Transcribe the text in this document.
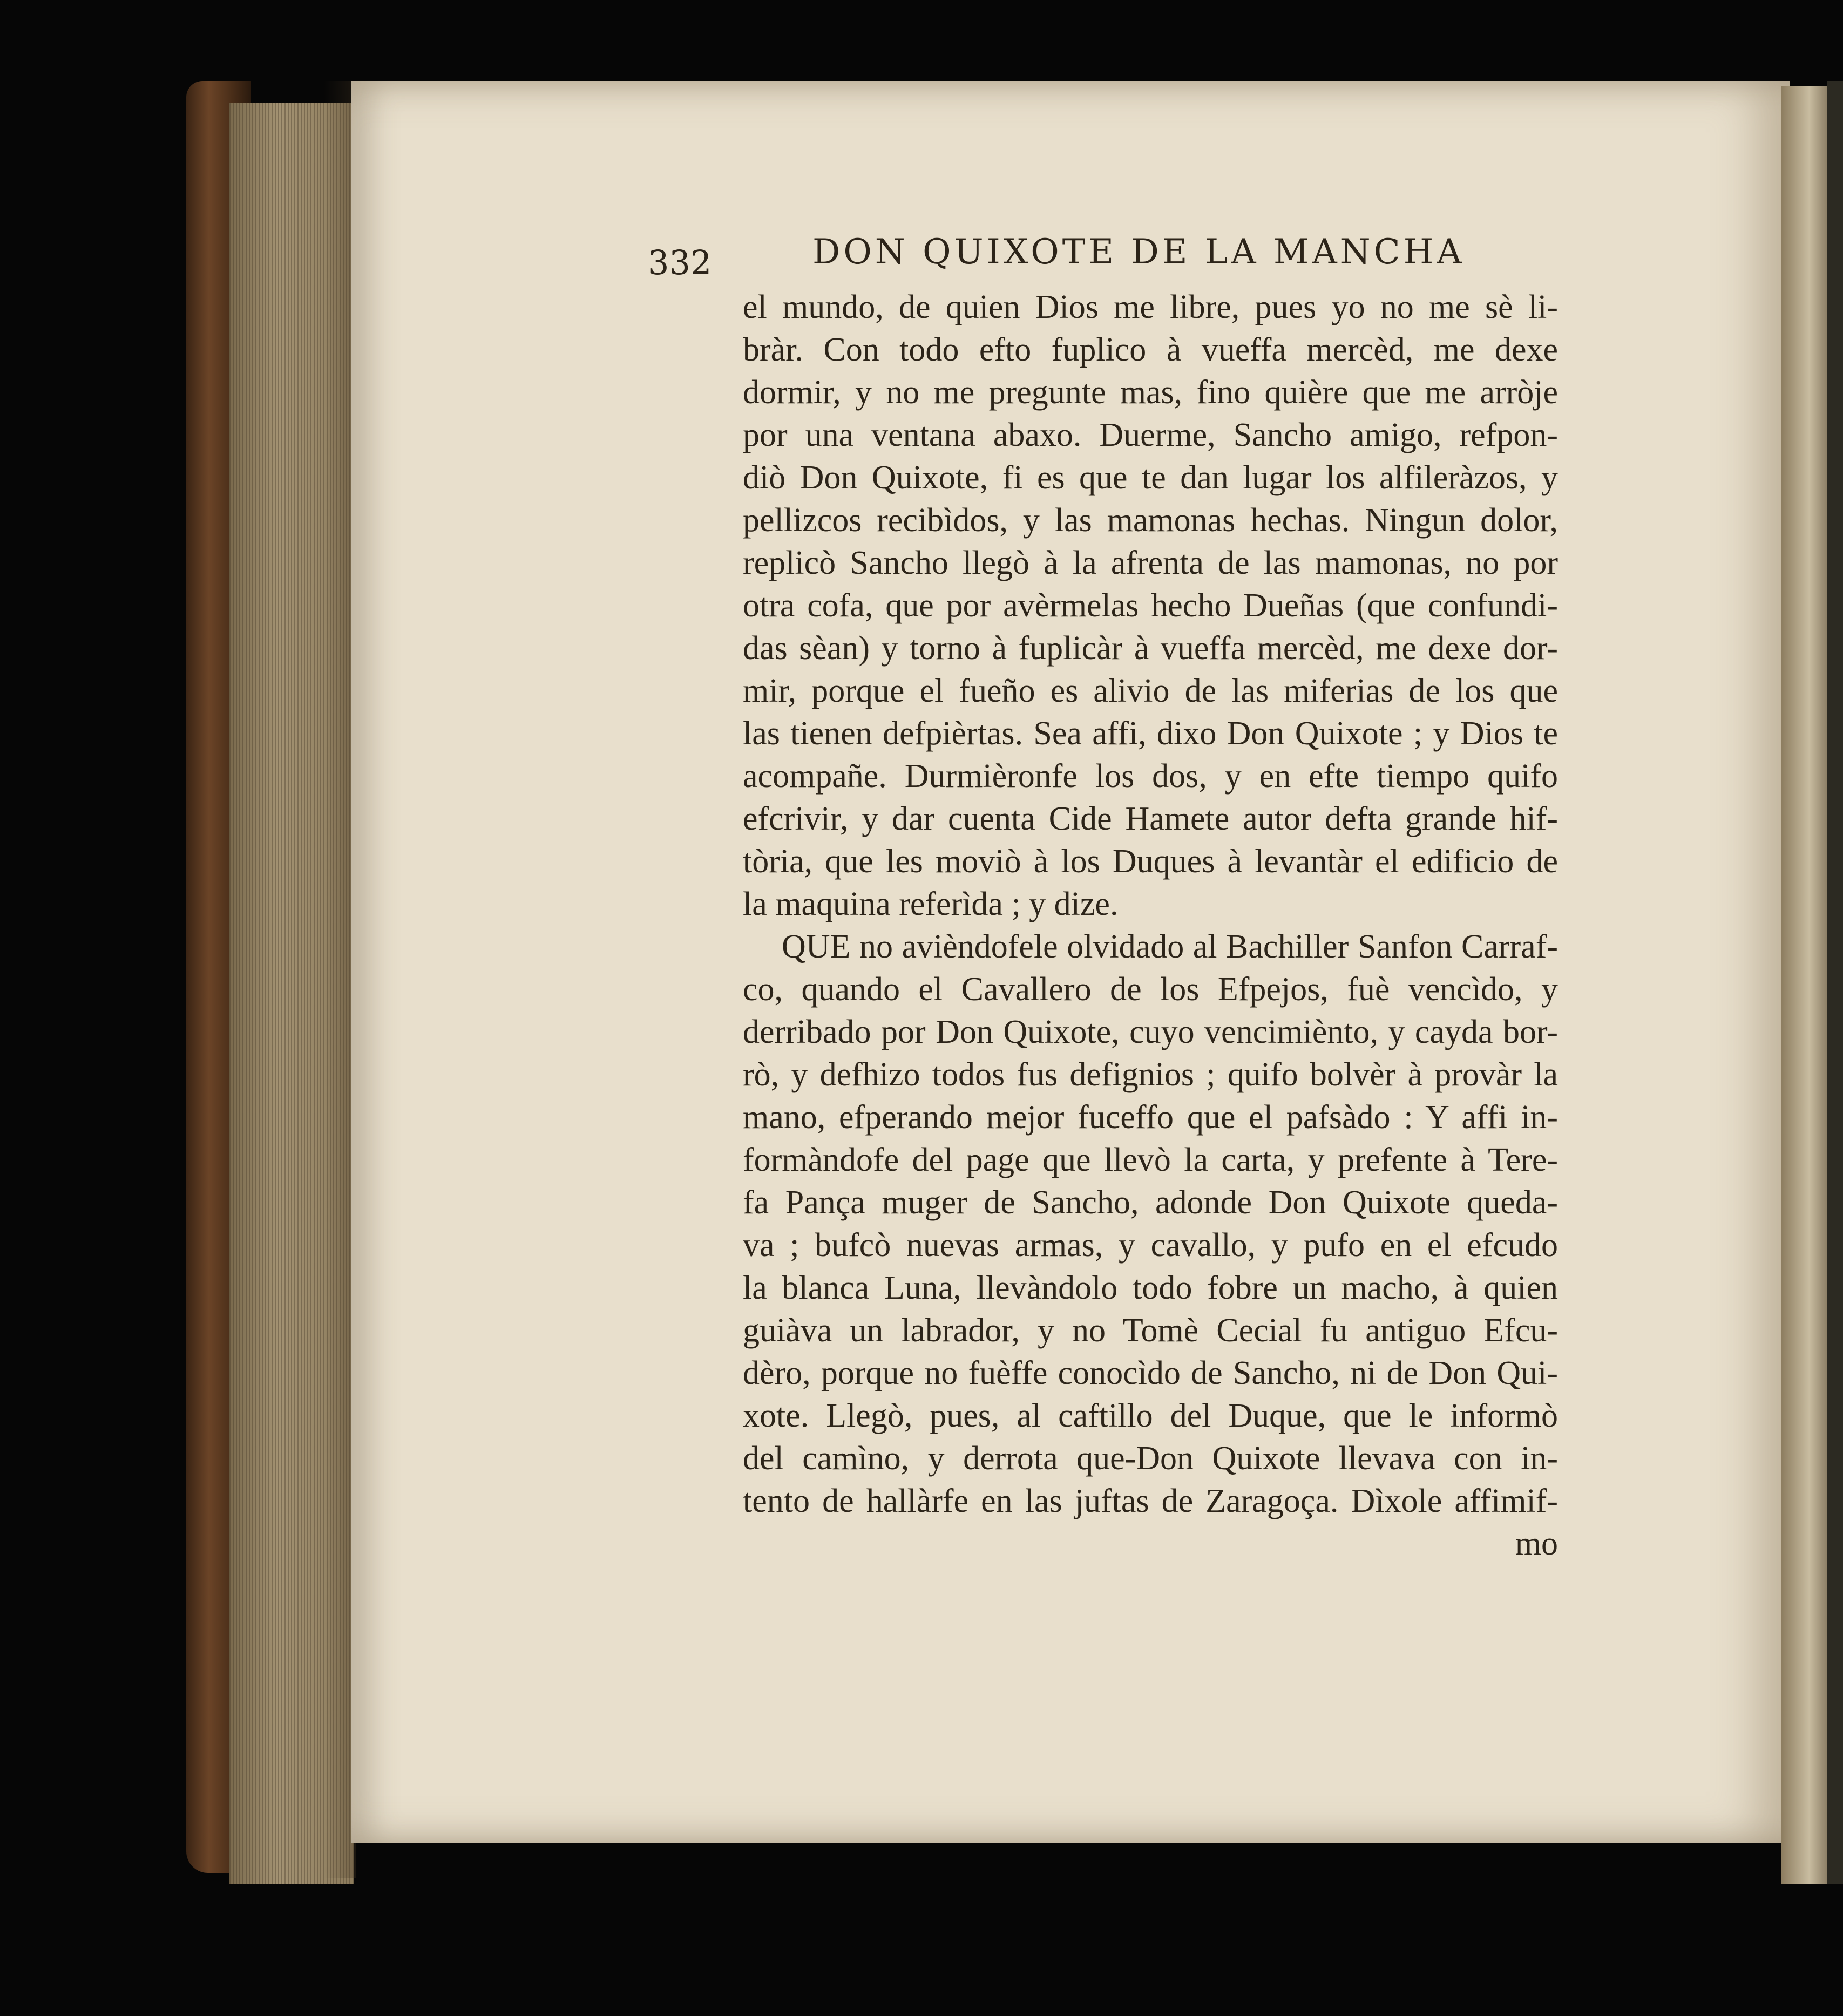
332	DON QUIXOTE DE LA MANCHA
el mundo, de quien Dios me libre, pues yo no me sè li-
bràr. Con todo efto fuplico à vueffa mercèd, me dexe
dormir, y no me pregunte mas, fino quière que me arròje
por una ventana abaxo. Duerme, Sancho amigo, refpon-
diò Don Quixote, fi es que te dan lugar los alfileràzos, y
pellizcos recibìdos, y las mamonas hechas. Ningun dolor,
replicò Sancho llegò à la afrenta de las mamonas, no por
otra cofa, que por avèrmelas hecho Dueñas (que confundi-
das sèan) y torno à fuplicàr à vueffa mercèd, me dexe dor-
mir, porque el fueño es alivio de las miferias de los que
las tienen defpièrtas. Sea affi, dixo Don Quixote ; y Dios te
acompañe. Durmièronfe los dos, y en efte tiempo quifo
efcrivir, y dar cuenta Cide Hamete autor defta grande hif-
tòria, que les moviò à los Duques à levantàr el edificio de
la maquina referìda ; y dize.
QUE no avièndofele olvidado al Bachiller Sanfon Carraf-
co, quando el Cavallero de los Efpejos, fuè vencìdo, y
derribado por Don Quixote, cuyo vencimiènto, y cayda bor-
rò, y defhizo todos fus defignios ; quifo bolvèr à provàr la
mano, efperando mejor fuceffo que el pafsàdo : Y affi in-
formàndofe del page que llevò la carta, y prefente à Tere-
fa Pança muger de Sancho, adonde Don Quixote queda-
va ; bufcò nuevas armas, y cavallo, y pufo en el efcudo
la blanca Luna, llevàndolo todo fobre un macho, à quien
guiàva un labrador, y no Tomè Cecial fu antiguo Efcu-
dèro, porque no fuèffe conocìdo de Sancho, ni de Don Qui-
xote. Llegò, pues, al caftillo del Duque, que le informò
del camìno, y derrota que-Don Quixote llevava con in-
tento de hallàrfe en las juftas de Zaragoça. Dìxole affimif-
mo
